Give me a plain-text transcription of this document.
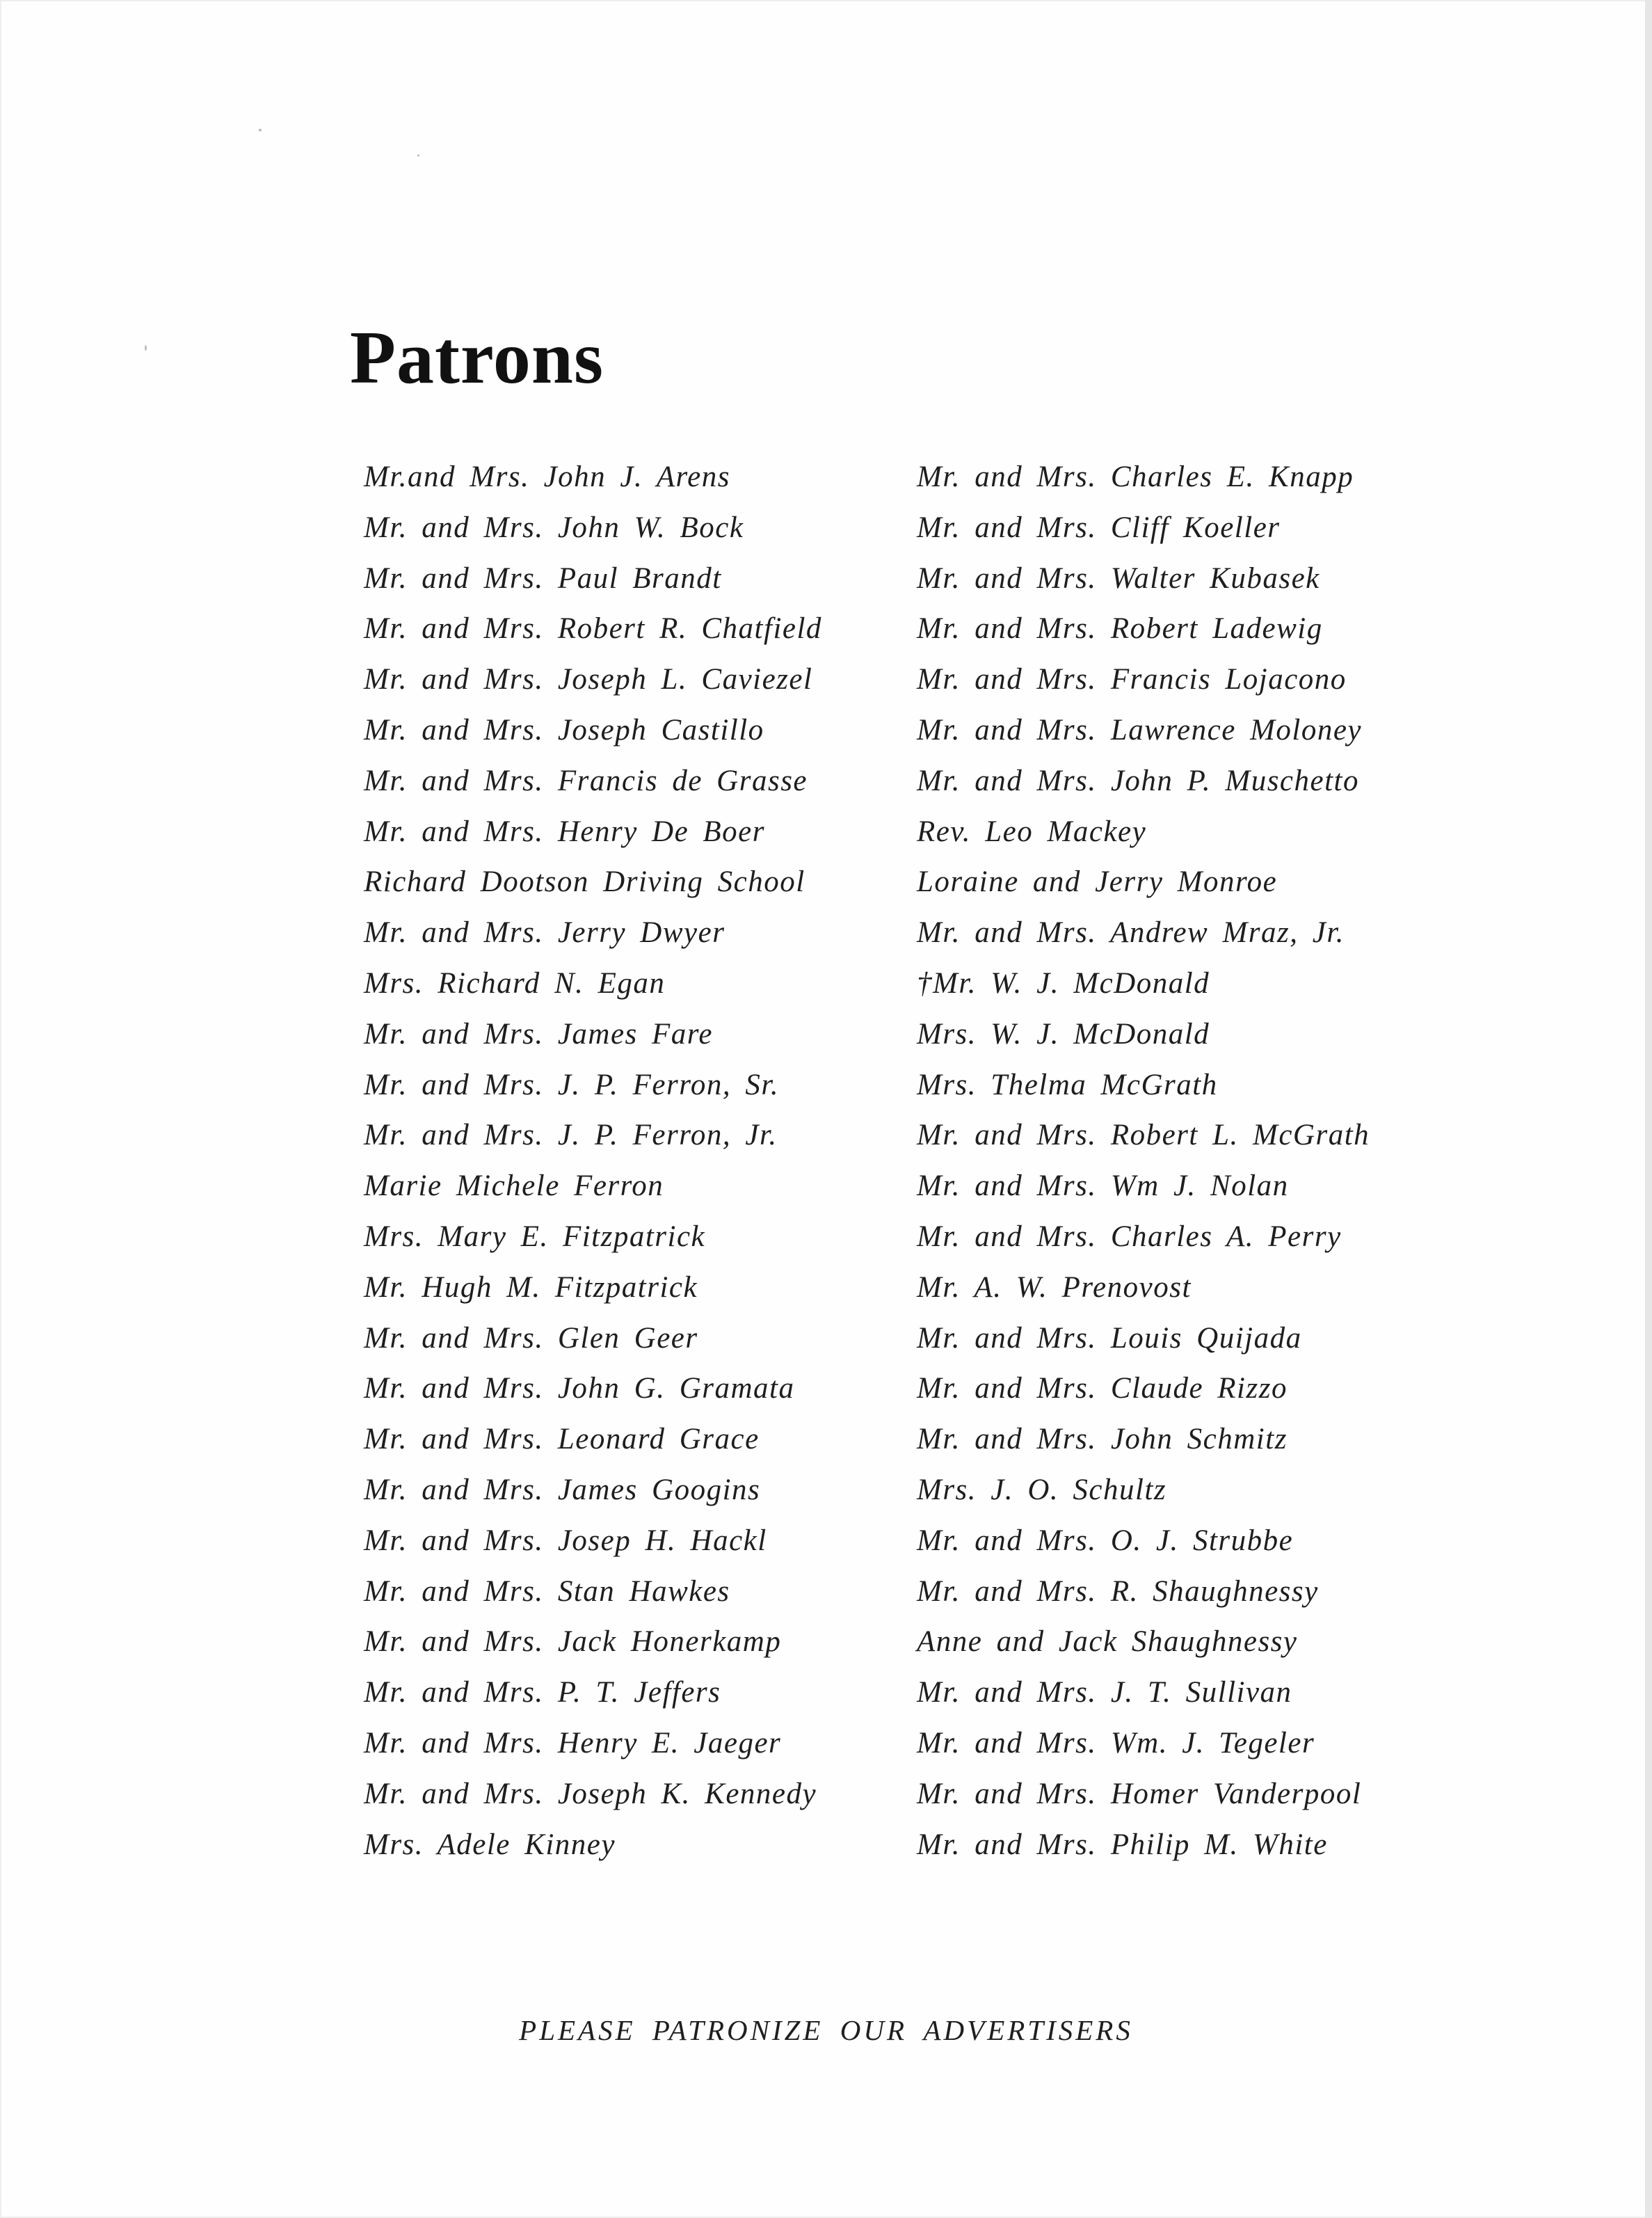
Patrons
Mr.and Mrs. John J. Arens
Mr. and Mrs. John W. Bock
Mr. and Mrs. Paul Brandt
Mr. and Mrs. Robert R. Chatfield
Mr. and Mrs. Joseph L. Caviezel
Mr. and Mrs. Joseph Castillo
Mr. and Mrs. Francis de Grasse
Mr. and Mrs. Henry De Boer
Richard Dootson Driving School
Mr. and Mrs. Jerry Dwyer
Mrs. Richard N. Egan
Mr. and Mrs. James Fare
Mr. and Mrs. J. P. Ferron, Sr.
Mr. and Mrs. J. P. Ferron, Jr.
Marie Michele Ferron
Mrs. Mary E. Fitzpatrick
Mr. Hugh M. Fitzpatrick
Mr. and Mrs. Glen Geer
Mr. and Mrs. John G. Gramata
Mr. and Mrs. Leonard Grace
Mr. and Mrs. James Googins
Mr. and Mrs. Josep H. Hackl
Mr. and Mrs. Stan Hawkes
Mr. and Mrs. Jack Honerkamp
Mr. and Mrs. P. T. Jeffers
Mr. and Mrs. Henry E. Jaeger
Mr. and Mrs. Joseph K. Kennedy
Mrs. Adele Kinney
Mr. and Mrs. Charles E. Knapp
Mr. and Mrs. Cliff Koeller
Mr. and Mrs. Walter Kubasek
Mr. and Mrs. Robert Ladewig
Mr. and Mrs. Francis Lojacono
Mr. and Mrs. Lawrence Moloney
Mr. and Mrs. John P. Muschetto
Rev. Leo Mackey
Loraine and Jerry Monroe
Mr. and Mrs. Andrew Mraz, Jr.
†Mr. W. J. McDonald
Mrs. W. J. McDonald
Mrs. Thelma McGrath
Mr. and Mrs. Robert L. McGrath
Mr. and Mrs. Wm J. Nolan
Mr. and Mrs. Charles A. Perry
Mr. A. W. Prenovost
Mr. and Mrs. Louis Quijada
Mr. and Mrs. Claude Rizzo
Mr. and Mrs. John Schmitz
Mrs. J. O. Schultz
Mr. and Mrs. O. J. Strubbe
Mr. and Mrs. R. Shaughnessy
Anne and Jack Shaughnessy
Mr. and Mrs. J. T. Sullivan
Mr. and Mrs. Wm. J. Tegeler
Mr. and Mrs. Homer Vanderpool
Mr. and Mrs. Philip M. White
PLEASE PATRONIZE OUR ADVERTISERS
